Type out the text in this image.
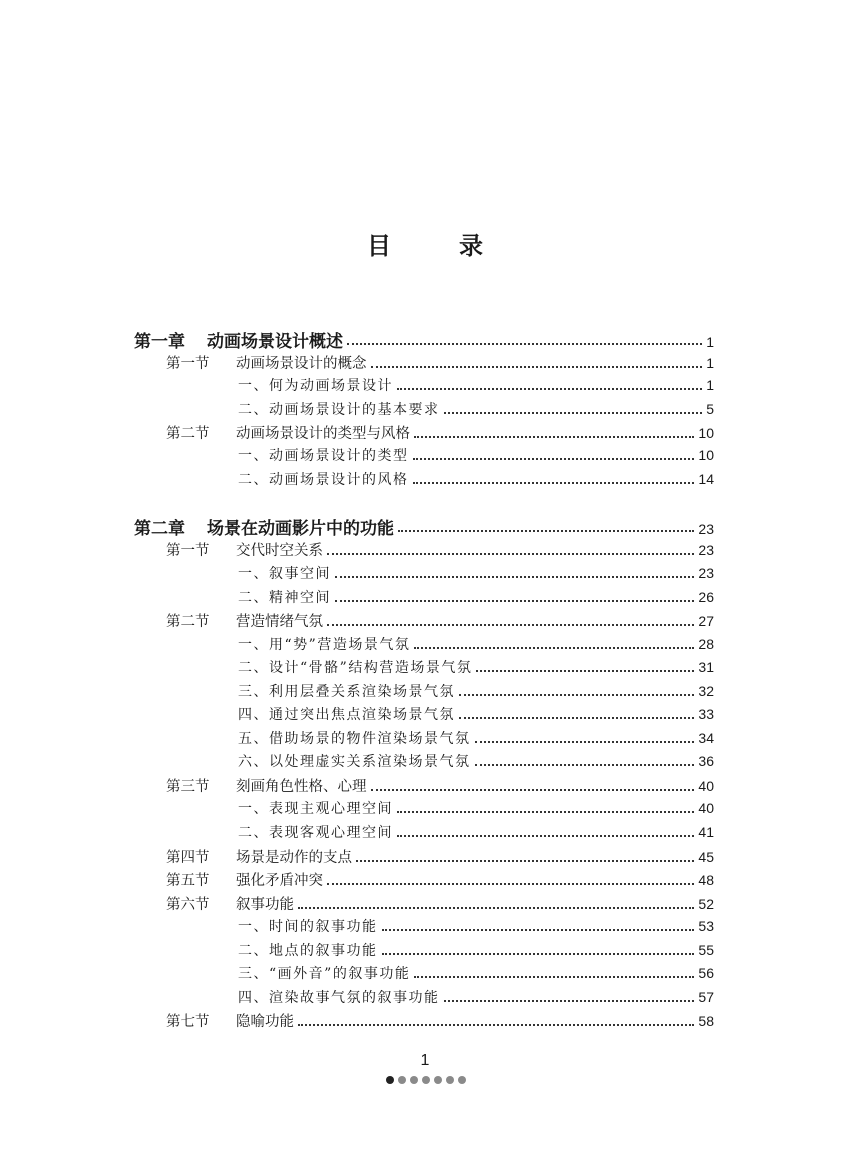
目　录
第一章 动画场景设计概述	1
第一节 动画场景设计的概念	1
一、何为动画场景设计	1
二、动画场景设计的基本要求	5
第二节 动画场景设计的类型与风格	10
一、动画场景设计的类型	10
二、动画场景设计的风格	14
第二章 场景在动画影片中的功能	23
第一节 交代时空关系	23
一、叙事空间	23
二、精神空间	26
第二节 营造情绪气氛	27
一、用“势”营造场景气氛	28
二、设计“骨骼”结构营造场景气氛	31
三、利用层叠关系渲染场景气氛	32
四、通过突出焦点渲染场景气氛	33
五、借助场景的物件渲染场景气氛	34
六、以处理虚实关系渲染场景气氛	36
第三节 刻画角色性格、心理	40
一、表现主观心理空间	40
二、表现客观心理空间	41
第四节 场景是动作的支点	45
第五节 强化矛盾冲突	48
第六节 叙事功能	52
一、时间的叙事功能	53
二、地点的叙事功能	55
三、“画外音”的叙事功能	56
四、渲染故事气氛的叙事功能	57
第七节 隐喻功能	58
1
